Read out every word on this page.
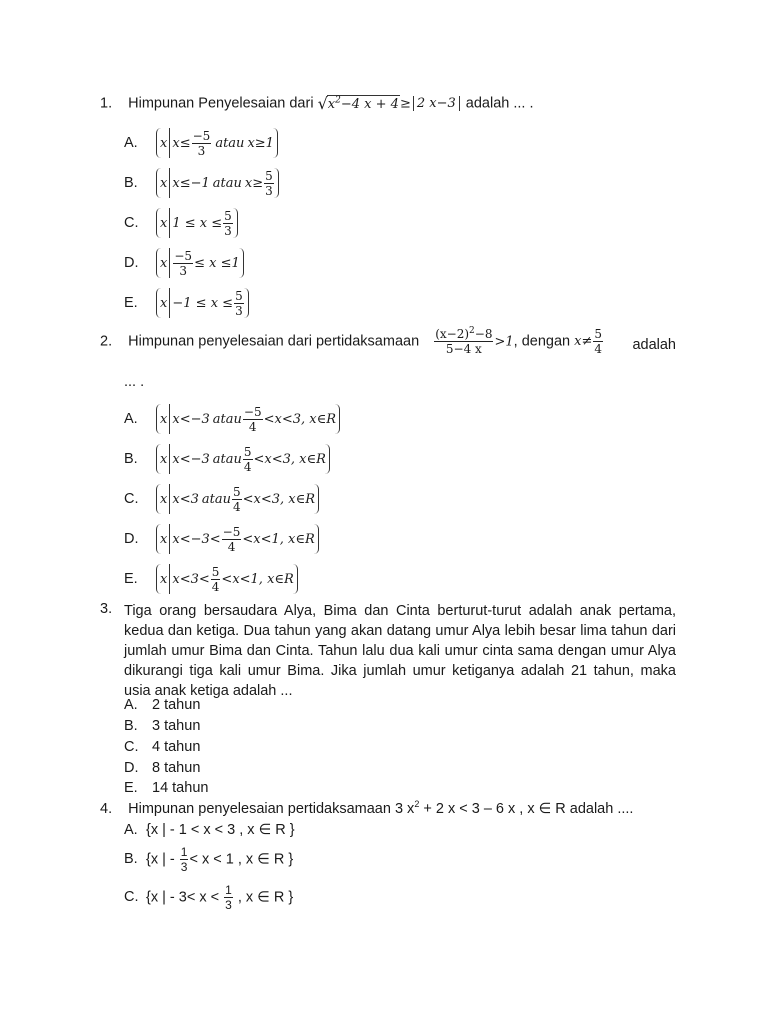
1. Himpunan Penyelesaian dari √ $x^2-4$ x + 4 ≥ 2 x−3 adalah ... .
A. x $x \le \frac{-5}{3}$ atau x ≥1
B. x x ≤−1 atau $x \ge \frac{5}{3}$
C. x $1 \le x \le \frac{5}{3}$
D. x $\frac{-5}{3} \le x \le 1$
E. $x -1 \le x \le \frac{5}{3}$
2. Himpunan penyelesaian dari pertidaksamaan $\frac{(x-2)^2-8}{5-4 x} >1$, dengan $x\ne \frac{5}{4}$ adalah
... .
A. x x <−3 atau $\frac{-5}{4} <x<3$, x∈R
B. x x <−3 atau $\frac{5}{4} <x<3$, x∈R
C. x x <3 atau $\frac{5}{4} <x<3$, x∈R
D. x $x <-3< \frac{-5}{4} <x<1$, x∈R
E. x $x <3< \frac{5}{4} <x<1$, x∈R
3. Tiga orang bersaudara Alya, Bima dan Cinta berturut-turut adalah anak pertama, kedua dan ketiga. Dua tahun yang akan datang umur Alya lebih besar lima tahun dari jumlah umur Bima dan Cinta. Tahun lalu dua kali umur cinta sama dengan umur Alya dikurangi tiga kali umur Bima. Jika jumlah umur ketiganya adalah 21 tahun, maka usia anak ketiga adalah ...
A. 2 tahun
B. 3 tahun
C. 4 tahun
D. 8 tahun
E. 14 tahun
4. Himpunan penyelesaian pertidaksamaan 3 $x^2 + 2$ x < 3 – 6 x , x ∈ R adalah ....
A. {x | - 1 < x < 3 , x ∈ R }
B. {x | - $\frac{1}{3} < x < 1$ , x ∈ R }
C. {x | - $3< x < \frac{1}{3}$ , x ∈ R }
